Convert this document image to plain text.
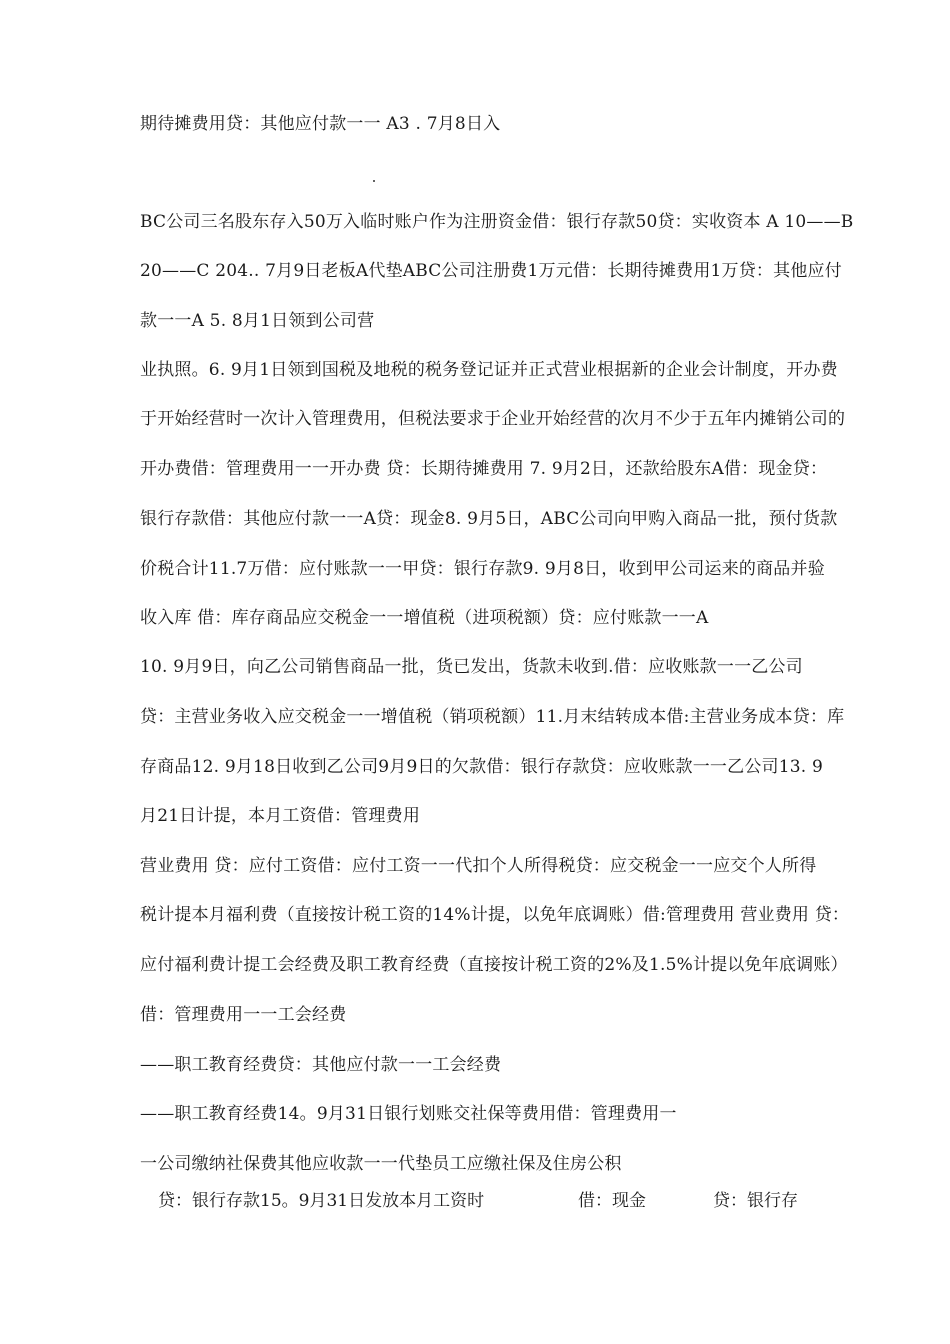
期待摊费用贷：其他应付款一一 A3 . 7月8日入
BC公司三名股东存入50万入临时账户作为注册资金借：银行存款50贷：实收资本 A 10——B
20——C 204.. 7月9日老板A代垫ABC公司注册费1万元借：长期待摊费用1万贷：其他应付
款一一A 5. 8月1日领到公司营
业执照。6. 9月1日领到国税及地税的税务登记证并正式营业根据新的企业会计制度，开办费
于开始经营时一次计入管理费用，但税法要求于企业开始经营的次月不少于五年内摊销公司的
开办费借：管理费用一一开办费 贷：长期待摊费用 7. 9月2日，还款给股东A借：现金贷：
银行存款借：其他应付款一一A贷：现金8. 9月5日，ABC公司向甲购入商品一批，预付货款
价税合计11.7万借：应付账款一一甲贷：银行存款9. 9月8日，收到甲公司运来的商品并验
收入库 借：库存商品应交税金一一增值税（进项税额）贷：应付账款一一A
10. 9月9日，向乙公司销售商品一批，货已发出，货款未收到.借：应收账款一一乙公司
贷：主营业务收入应交税金一一增值税（销项税额）11.月末结转成本借:主营业务成本贷：库
存商品12. 9月18日收到乙公司9月9日的欠款借：银行存款贷：应收账款一一乙公司13. 9
月21日计提，本月工资借：管理费用
营业费用 贷：应付工资借：应付工资一一代扣个人所得税贷：应交税金一一应交个人所得
税计提本月福利费（直接按计税工资的14%计提，以免年底调账）借:管理费用 营业费用 贷：
应付福利费计提工会经费及职工教育经费（直接按计税工资的2%及1.5%计提以免年底调账）
借：管理费用一一工会经费
——职工教育经费贷：其他应付款一一工会经费
——职工教育经费14。9月31日银行划账交社保等费用借：管理费用一
一公司缴纳社保费其他应收款一一代垫员工应缴社保及住房公积
贷：银行存款15。9月31日发放本月工资时	借：现金	贷：银行存
